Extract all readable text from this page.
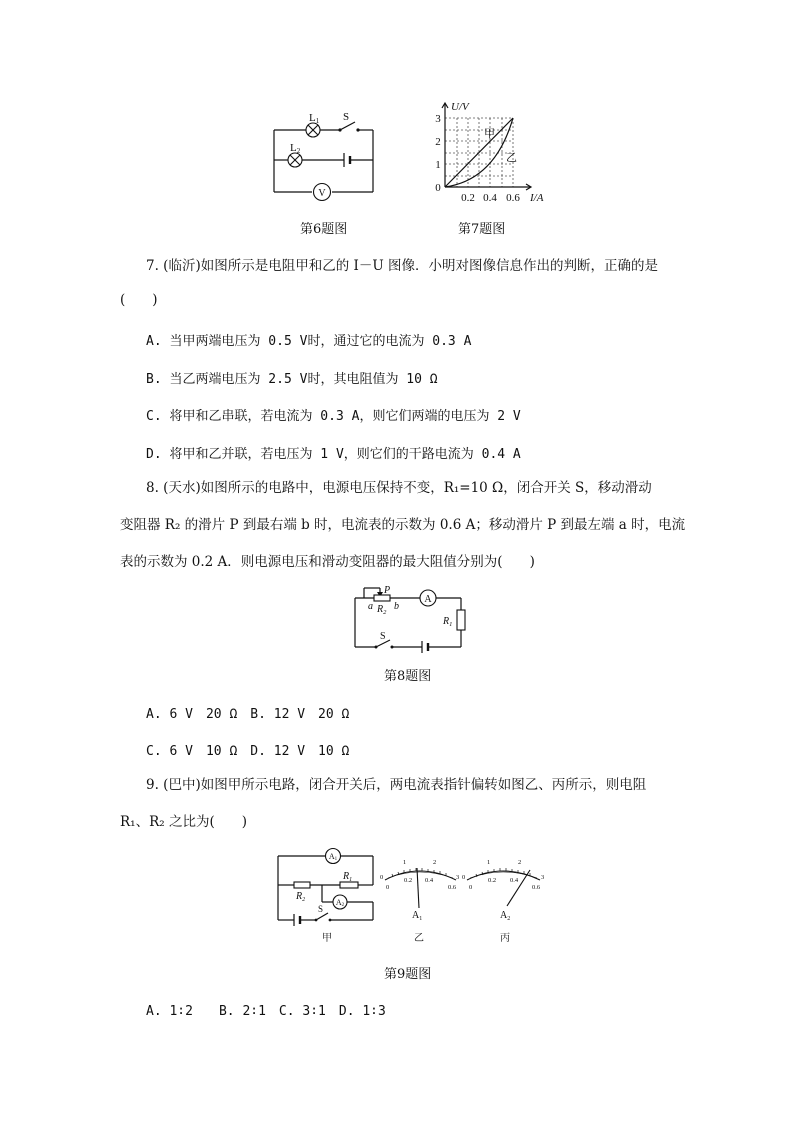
V
L1
L2
S
第6题图
0
1
2
3
0.2 0.4 0.6
U/V
I/A
甲
乙
第7题图
7. (临沂)如图所示是电阻甲和乙的 I－U 图像．小明对图像信息作出的判断，正确的是
(　　)
A. 当甲两端电压为 0.5 V时，通过它的电流为 0.3 A
B. 当乙两端电压为 2.5 V时，其电阻值为 10 Ω
C. 将甲和乙串联，若电流为 0.3 A，则它们两端的电压为 2 V
D. 将甲和乙并联，若电压为 1 V，则它们的干路电流为 0.4 A
8. (天水)如图所示的电路中，电源电压保持不变，R₁=10 Ω，闭合开关 S，移动滑动
变阻器 R₂ 的滑片 P 到最右端 b 时，电流表的示数为 0.6 A；移动滑片 P 到最左端 a 时，电流
表的示数为 0.2 A．则电源电压和滑动变阻器的最大阻值分别为(　　)
A
P
a b
$R_2$
$R_1$
S
第8题图
A. 6 V　20 Ω　B. 12 V　20 Ω
C. 6 V　10 Ω　D. 12 V　10 Ω
9. (巴中)如图甲所示电路，闭合开关后，两电流表指针偏转如图乙、丙所示，则电阻
R₁、R₂ 之比为(　　)
A1
A2
$R_1$
$R_2$
S
甲
0
1	2
3
0
0.2 0.4
0.6
$A_1$
乙
0
1	2
3
0
0.2 0.4
0.6
$A_2$
丙
第9题图
A. 1∶2　　B. 2∶1　C. 3∶1　D. 1∶3
